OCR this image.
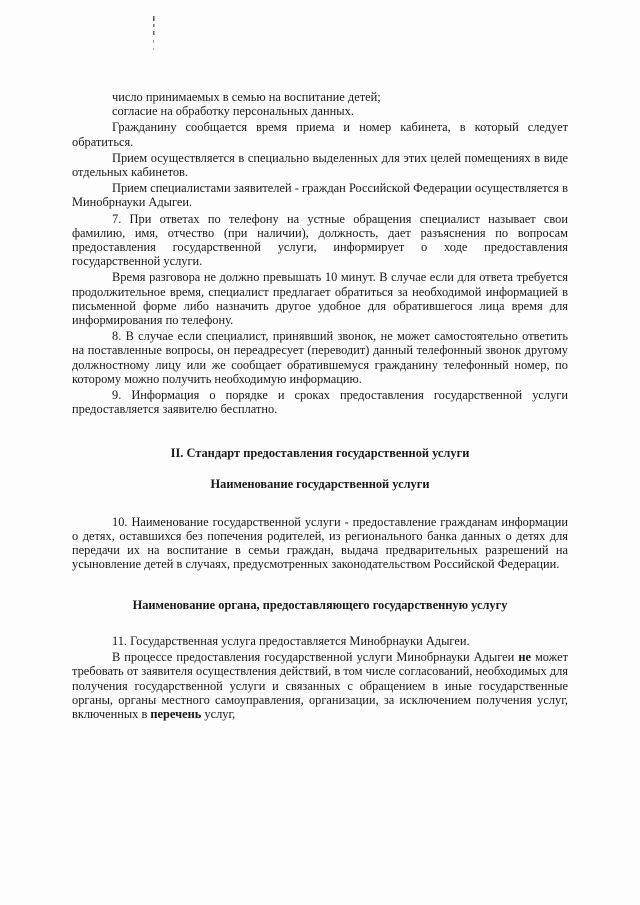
число принимаемых в семью на воспитание детей;

согласие на обработку персональных данных.

Гражданину сообщается время приема и номер кабинета, в который следует обратиться.

Прием осуществляется в специально выделенных для этих целей помещениях в виде отдельных кабинетов.

Прием специалистами заявителей - граждан Российской Федерации осуществляется в Минобрнауки Адыгеи.

7. При ответах по телефону на устные обращения специалист называет свои фамилию, имя, отчество (при наличии), должность, дает разъяснения по вопросам предоставления государственной услуги, информирует о ходе предоставления государственной услуги.

Время разговора не должно превышать 10 минут. В случае если для ответа требуется продолжительное время, специалист предлагает обратиться за необходимой информацией в письменной форме либо назначить другое удобное для обратившегося лица время для информирования по телефону.

8. В случае если специалист, принявший звонок, не может самостоятельно ответить на поставленные вопросы, он переадресует (переводит) данный телефонный звонок другому должностному лицу или же сообщает обратившемуся гражданину телефонный номер, по которому можно получить необходимую информацию.

9. Информация о порядке и сроках предоставления государственной услуги предоставляется заявителю бесплатно.

II. Стандарт предоставления государственной услуги

Наименование государственной услуги

10. Наименование государственной услуги - предоставление гражданам информации о детях, оставшихся без попечения родителей, из регионального банка данных о детях для передачи их на воспитание в семьи граждан, выдача предварительных разрешений на усыновление детей в случаях, предусмотренных законодательством Российской Федерации.

Наименование органа, предоставляющего государственную услугу

11. Государственная услуга предоставляется Минобрнауки Адыгеи.

В процессе предоставления государственной услуги Минобрнауки Адыгеи не может требовать от заявителя осуществления действий, в том числе согласований, необходимых для получения государственной услуги и связанных с обращением в иные государственные органы, органы местного самоуправления, организации, за исключением получения услуг, включенных в перечень услуг,
